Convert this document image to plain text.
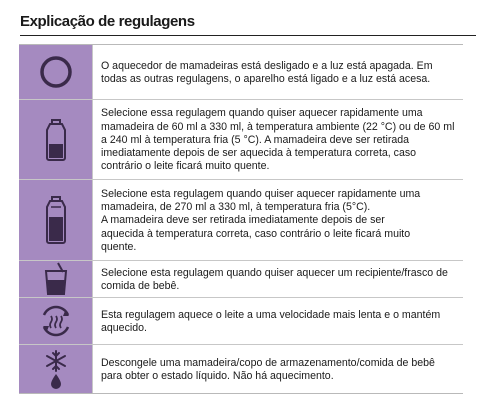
Explicação de regulagens
O aquecedor de mamadeiras está desligado e a luz está apagada. Em todas as outras regulagens, o aparelho está ligado e a luz está acesa.
Selecione essa regulagem quando quiser aquecer rapidamente uma mamadeira de 60 ml a 330 ml, à temperatura ambiente (22 °C) ou de 60 ml a 240 ml à temperatura fria (5 °C). A mamadeira deve ser retirada imediatamente depois de ser aquecida à temperatura correta, caso contrário o leite ficará muito quente.
Selecione esta regulagem quando quiser aquecer rapidamente uma mamadeira, de 270 ml a 330 ml, à temperatura fria (5°C).
A mamadeira deve ser retirada imediatamente depois de ser
aquecida à temperatura correta, caso contrário o leite ficará muito
quente.
Selecione esta regulagem quando quiser aquecer um recipiente/frasco de comida de bebê.
Esta regulagem aquece o leite a uma velocidade mais lenta e o mantém aquecido.
Descongele uma mamadeira/copo de armazenamento/comida de bebê para obter o estado líquido. Não há aquecimento.
